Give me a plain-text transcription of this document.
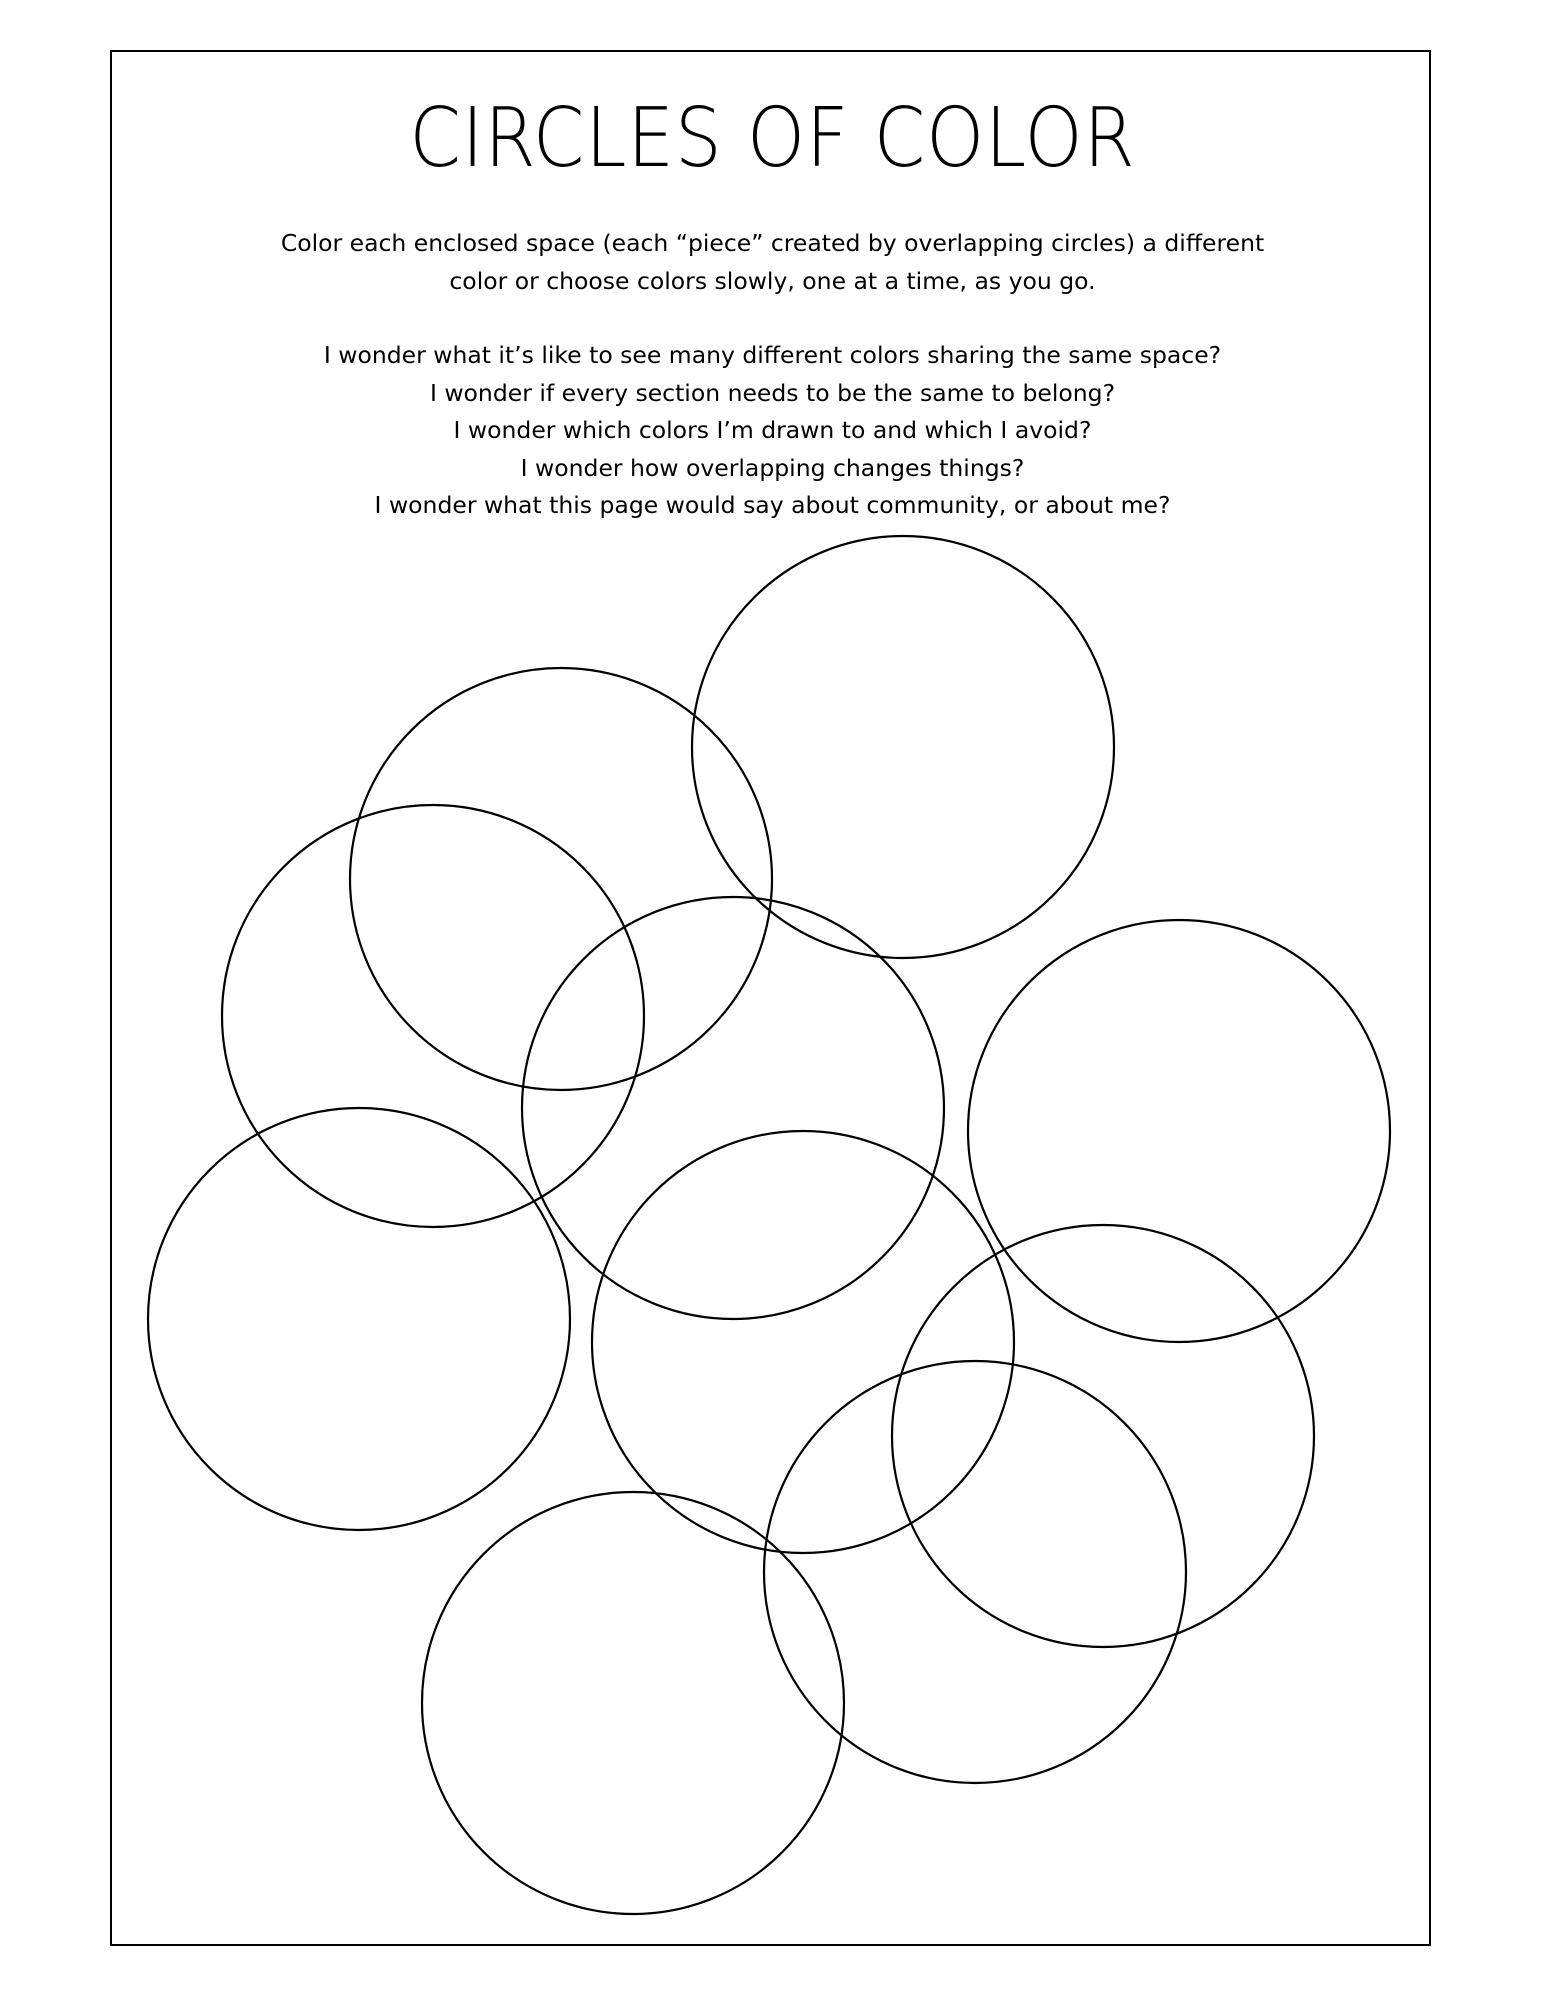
CIRCLES OF COLOR

Color each enclosed space (each “piece” created by overlapping circles) a different

color or choose colors slowly, one at a time, as you go.

I wonder what it’s like to see many different colors sharing the same space?

I wonder if every section needs to be the same to belong?

I wonder which colors I’m drawn to and which I avoid?

I wonder how overlapping changes things?

I wonder what this page would say about community, or about me?
